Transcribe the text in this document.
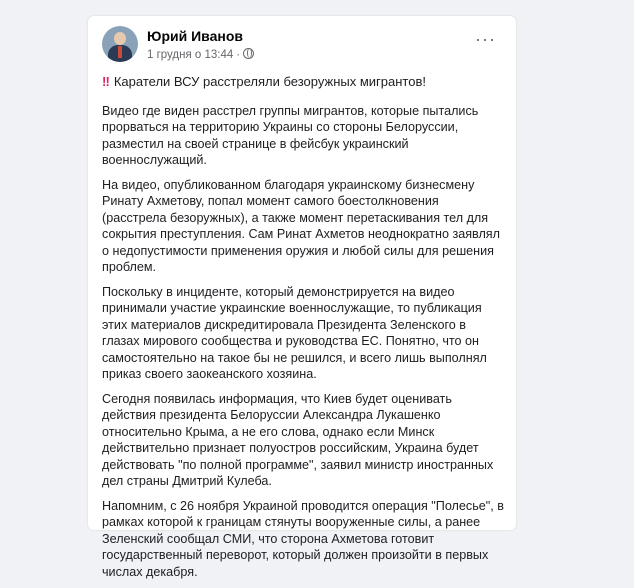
Юрий Иванов
1 грудня о 13:44 ·
···

‼ Каратели ВСУ расстреляли безоружных мигрантов!

Видео где виден расстрел группы мигрантов, которые пытались прорваться на территорию Украины со стороны Белоруссии, разместил на своей странице в фейсбук украинский военнослужащий.

На видео, опубликованном благодаря украинскому бизнесмену Ринату Ахметову, попал момент самого боестолкновения (расстрела безоружных), а также момент перетаскивания тел для сокрытия преступления. Сам Ринат Ахметов неоднократно заявлял о недопустимости применения оружия и любой силы для решения проблем.

Поскольку в инциденте, который демонстрируется на видео принимали участие украинские военнослужащие, то публикация этих материалов дискредитировала Президента Зеленского в глазах мирового сообщества и руководства ЕС. Понятно, что он самостоятельно на такое бы не решился, и всего лишь выполнял приказ своего заокеанского хозяина.

Сегодня появилась информация, что Киев будет оценивать действия президента Белоруссии Александра Лукашенко относительно Крыма, а не его слова, однако если Минск действительно признает полуостров российским, Украина будет действовать "по полной программе", заявил министр иностранных дел страны Дмитрий Кулеба.

Напомним, с 26 ноября Украиной проводится операция "Полесье", в рамках которой к границам стянуты вооруженные силы, а ранее Зеленский сообщал СМИ, что сторона Ахметова готовит государственный переворот, который должен произойти в первых числах декабря.
